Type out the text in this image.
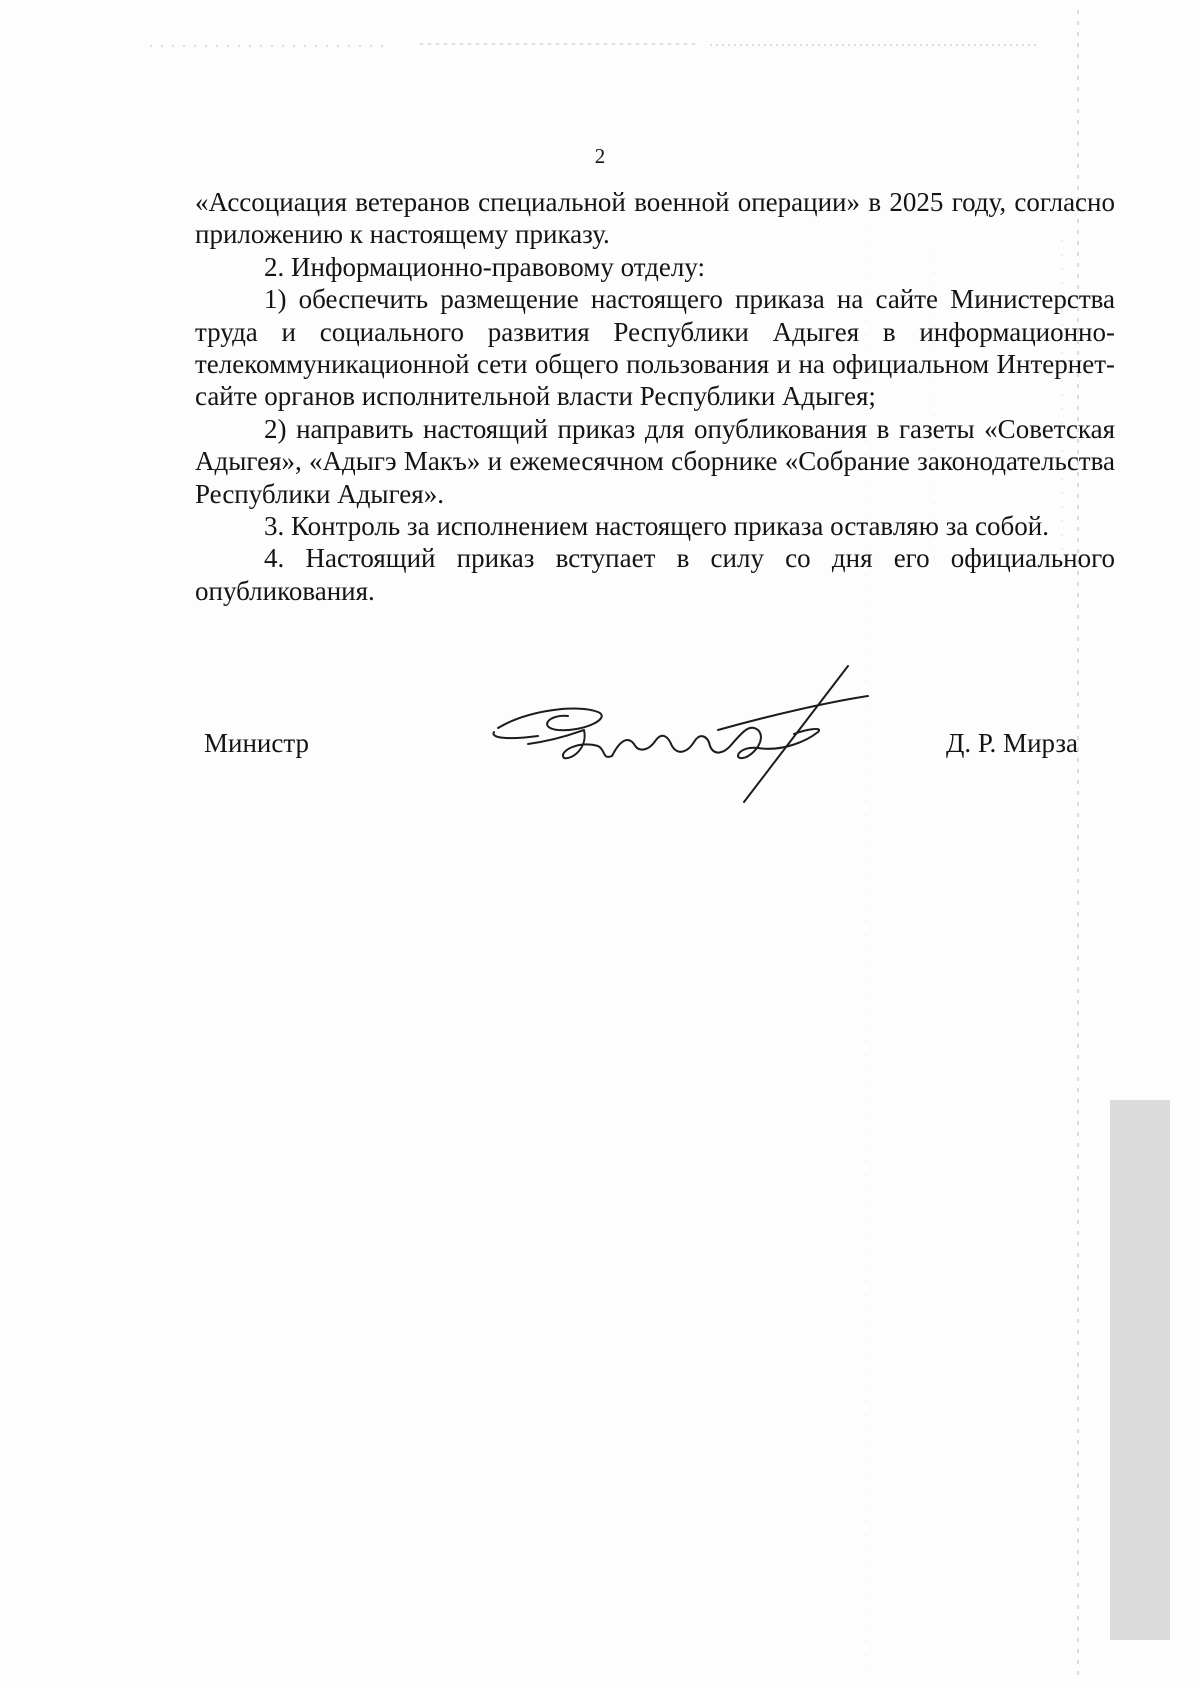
2

«Ассоциация ветеранов специальной военной операции» в 2025 году, согласно приложению к настоящему приказу.

2. Информационно-правовому отделу:

1) обеспечить размещение настоящего приказа на сайте Министерства труда и социального развития Республики Адыгея в информационно-телекоммуникационной сети общего пользования и на официальном Интернет-сайте органов исполнительной власти Республики Адыгея;

2) направить настоящий приказ для опубликования в газеты «Советская Адыгея», «Адыгэ Макъ» и ежемесячном сборнике «Собрание законодательства Республики Адыгея».

3. Контроль за исполнением настоящего приказа оставляю за собой.

4. Настоящий приказ вступает в силу со дня его официального опубликования.

Министр	Д. Р. Мирза
